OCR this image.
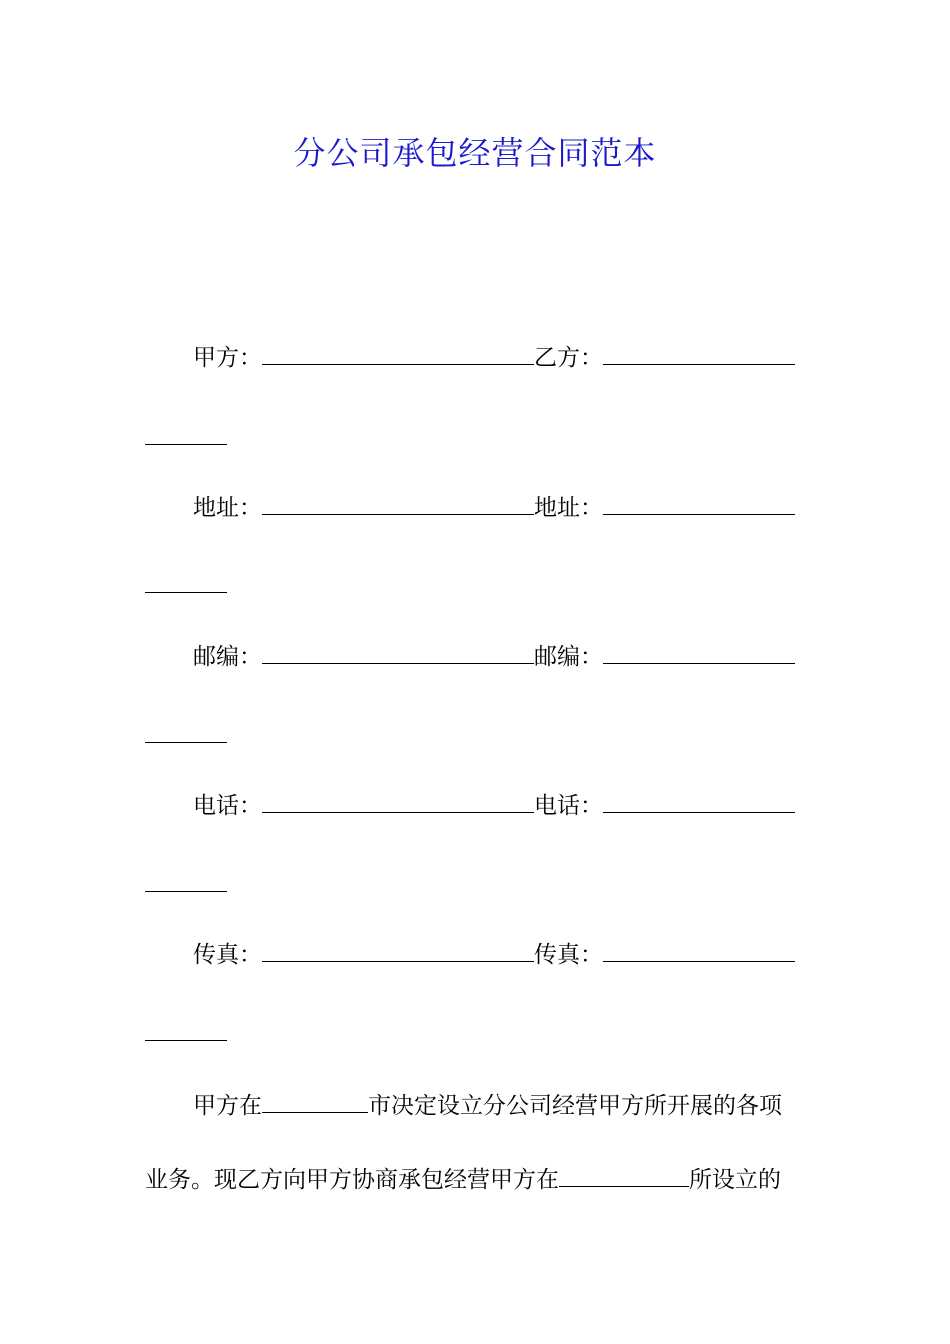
分公司承包经营合同范本
甲方：	乙方：
地址：	地址：
邮编：	邮编：
电话：	电话：
传真：	传真：
甲方在	市决定设立分公司经营甲方所开展的各项
业务。现乙方向甲方协商承包经营甲方在	所设立的
